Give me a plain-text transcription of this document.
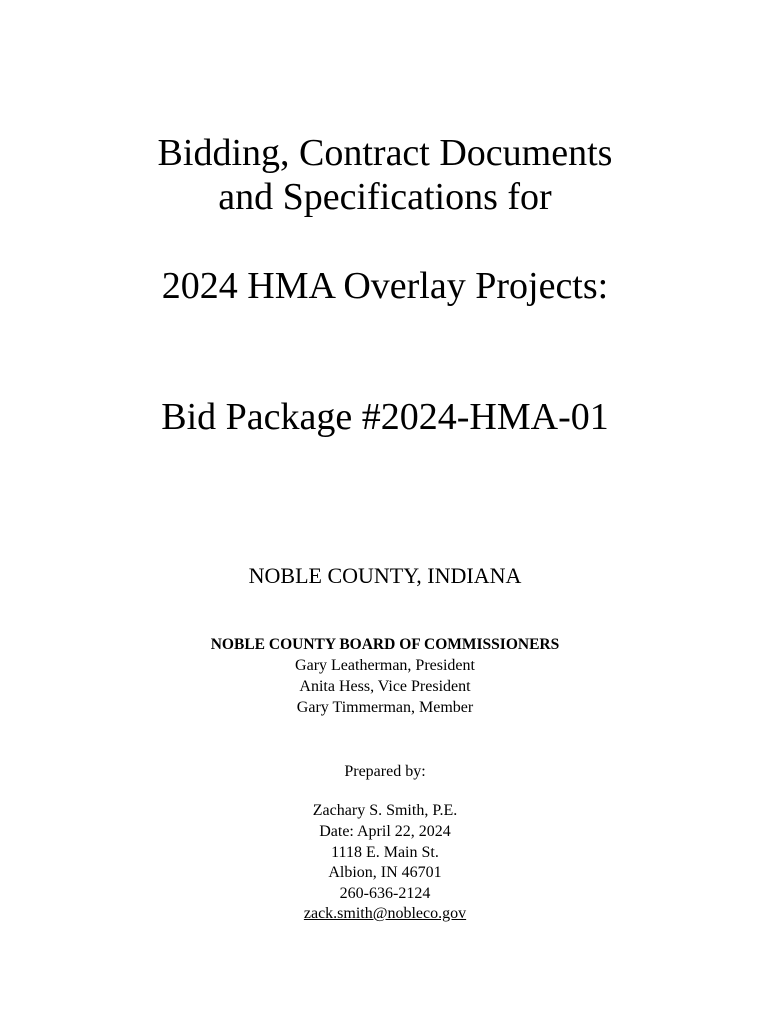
Bidding, Contract Documents
and Specifications for
2024 HMA Overlay Projects:
Bid Package #2024-HMA-01
NOBLE COUNTY, INDIANA
NOBLE COUNTY BOARD OF COMMISSIONERS
Gary Leatherman, President
Anita Hess, Vice President
Gary Timmerman, Member
Prepared by:
Zachary S. Smith, P.E.
Date: April 22, 2024
1118 E. Main St.
Albion, IN 46701
260-636-2124
zack.smith@nobleco.gov
